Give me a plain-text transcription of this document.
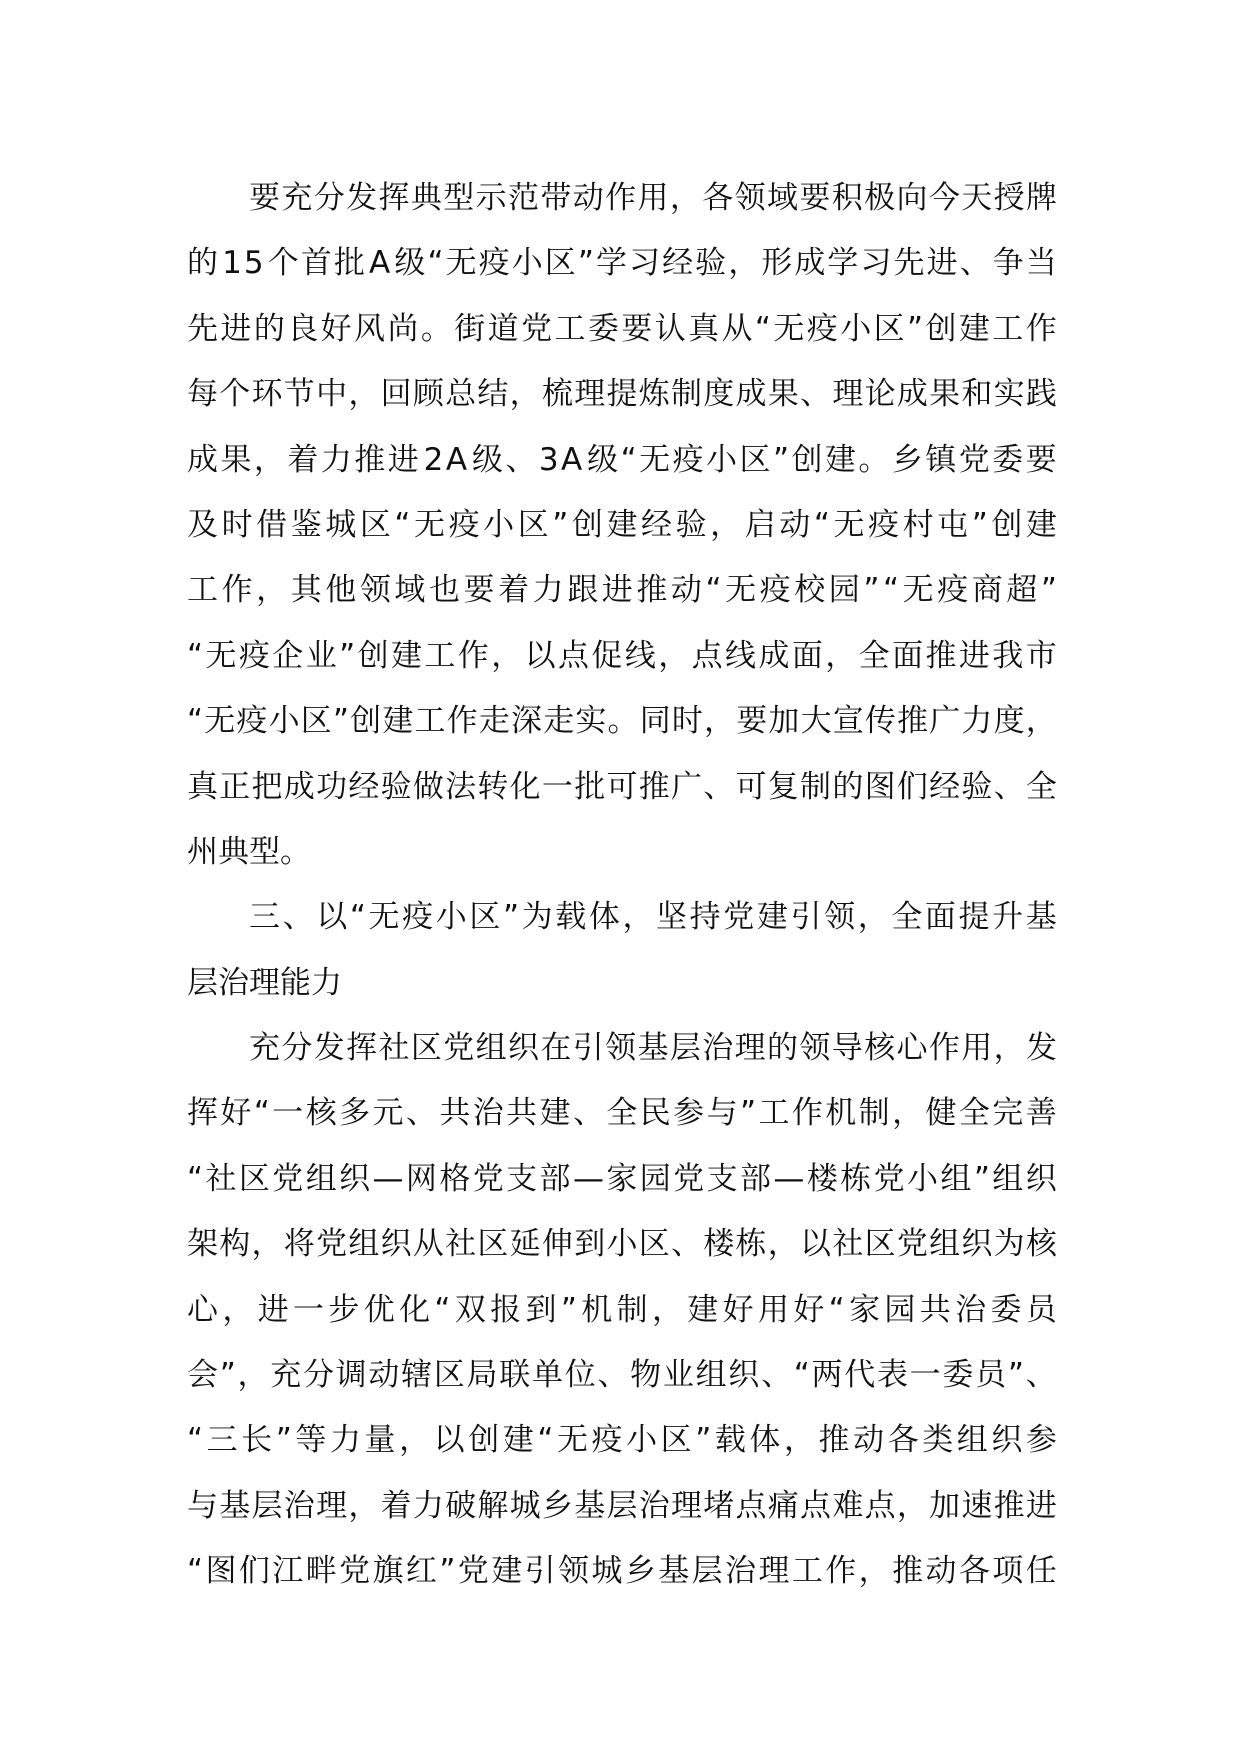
要 充 分 发 挥 典 型 示 范 带 动 作 用 ， 各 领 域 要 积 极 向 今 天 授 牌

的 1 5 个 首 批 A 级 “ 无 疫 小 区 ” 学 习 经 验 ， 形 成 学 习 先 进 、 争 当

先 进 的 良 好 风 尚 。 街 道 党 工 委 要 认 真 从 “ 无 疫 小 区 ” 创 建 工 作

每 个 环 节 中 ， 回 顾 总 结 ， 梳 理 提 炼 制 度 成 果 、 理 论 成 果 和 实 践

成 果 ， 着 力 推 进 2 A 级 、 3 A 级 “ 无 疫 小 区 ” 创 建 。 乡 镇 党 委 要

及 时 借 鉴 城 区 “ 无 疫 小 区 ” 创 建 经 验 ， 启 动 “ 无 疫 村 屯 ” 创 建

工 作 ， 其 他 领 域 也 要 着 力 跟 进 推 动 “ 无 疫 校 园 ” “ 无 疫 商 超 ”

“ 无 疫 企 业 ” 创 建 工 作 ， 以 点 促 线 ， 点 线 成 面 ， 全 面 推 进 我 市

“ 无 疫 小 区 ” 创 建 工 作 走 深 走 实 。 同 时 ， 要 加 大 宣 传 推 广 力 度 ，

真 正 把 成 功 经 验 做 法 转 化 一 批 可 推 广 、 可 复 制 的 图 们 经 验 、 全

州典型。

三 、 以 “ 无 疫 小 区 ” 为 载 体 ， 坚 持 党 建 引 领 ， 全 面 提 升 基

层治理能力

充 分 发 挥 社 区 党 组 织 在 引 领 基 层 治 理 的 领 导 核 心 作 用 ， 发

挥 好 “ 一 核 多 元 、 共 治 共 建 、 全 民 参 与 ” 工 作 机 制 ， 健 全 完 善

“ 社 区 党 组 织 — 网 格 党 支 部 — 家 园 党 支 部 — 楼 栋 党 小 组 ” 组 织

架 构 ， 将 党 组 织 从 社 区 延 伸 到 小 区 、 楼 栋 ， 以 社 区 党 组 织 为 核

心 ， 进 一 步 优 化 “ 双 报 到 ” 机 制 ， 建 好 用 好 “ 家 园 共 治 委 员

会 ” ， 充 分 调 动 辖 区 局 联 单 位 、 物 业 组 织 、 “ 两 代 表 一 委 员 ” 、

“ 三 长 ” 等 力 量 ， 以 创 建 “ 无 疫 小 区 ” 载 体 ， 推 动 各 类 组 织 参

与 基 层 治 理 ， 着 力 破 解 城 乡 基 层 治 理 堵 点 痛 点 难 点 ， 加 速 推 进

“ 图 们 江 畔 党 旗 红 ” 党 建 引 领 城 乡 基 层 治 理 工 作 ， 推 动 各 项 任
